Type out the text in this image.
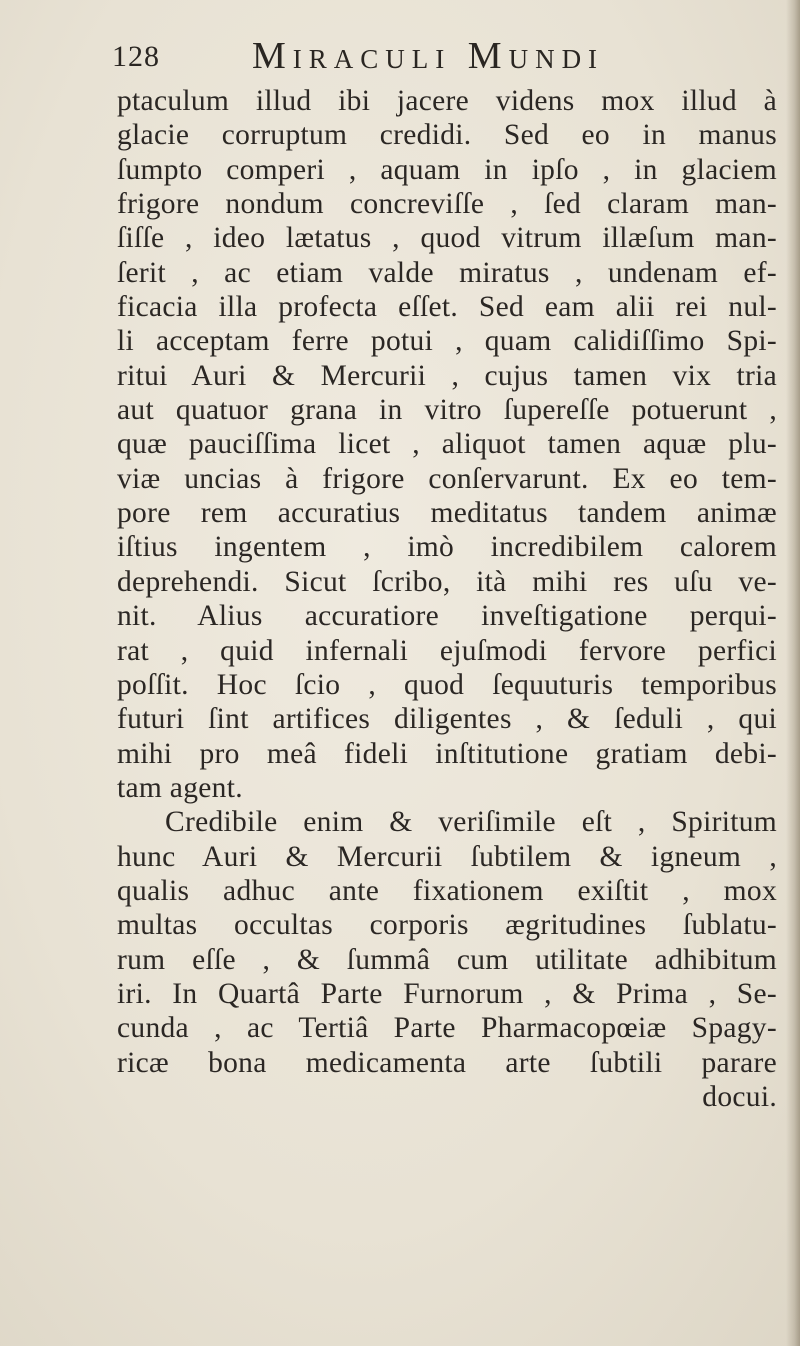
128 Miraculi Mundi
ptaculum illud ibi jacere videns mox illud à
glacie corruptum credidi. Sed eo in manus
ſumpto comperi , aquam in ipſo , in glaciem
frigore nondum concreviſſe , ſed claram man-
ſiſſe , ideo lætatus , quod vitrum illæſum man-
ſerit , ac etiam valde miratus , undenam ef-
ficacia illa profecta eſſet. Sed eam alii rei nul-
li acceptam ferre potui , quam calidiſſimo Spi-
ritui Auri & Mercurii , cujus tamen vix tria
aut quatuor grana in vitro ſupereſſe potuerunt ,
quæ pauciſſima licet , aliquot tamen aquæ plu-
viæ uncias à frigore conſervarunt. Ex eo tem-
pore rem accuratius meditatus tandem animæ
iſtius ingentem , imò incredibilem calorem
deprehendi. Sicut ſcribo, ità mihi res uſu ve-
nit. Alius accuratiore inveſtigatione perqui-
rat , quid infernali ejuſmodi fervore perfici
poſſit. Hoc ſcio , quod ſequuturis temporibus
futuri ſint artifices diligentes , & ſeduli , qui
mihi pro meâ fideli inſtitutione gratiam debi-
tam agent.
Credibile enim & veriſimile eſt , Spiritum
hunc Auri & Mercurii ſubtilem & igneum ,
qualis adhuc ante fixationem exiſtit , mox
multas occultas corporis ægritudines ſublatu-
rum eſſe , & ſummâ cum utilitate adhibitum
iri. In Quartâ Parte Furnorum , & Prima , Se-
cunda , ac Tertiâ Parte Pharmacopœiæ Spagy-
ricæ bona medicamenta arte ſubtili parare
docui.
